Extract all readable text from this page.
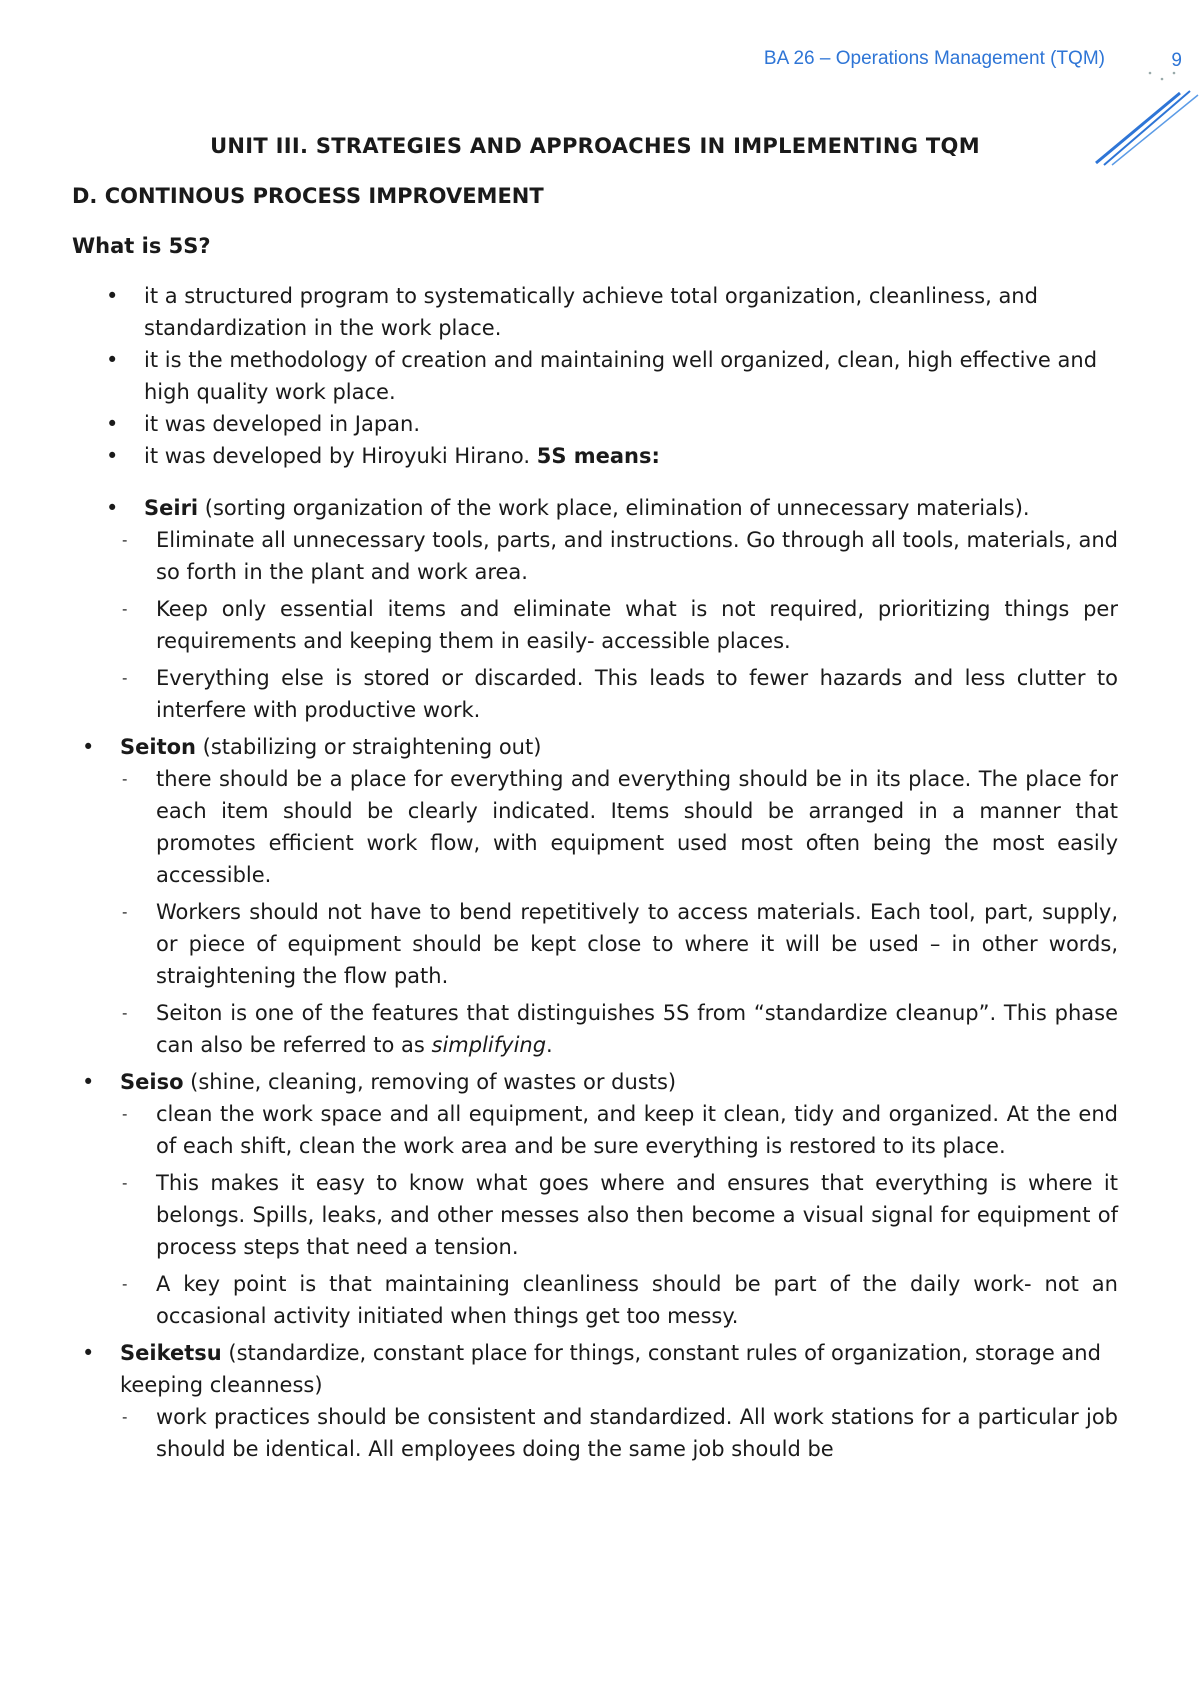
BA 26 – Operations Management (TQM)	9
UNIT III. STRATEGIES AND APPROACHES IN IMPLEMENTING TQM
D. CONTINOUS PROCESS IMPROVEMENT
What is 5S?
• it a structured program to systematically achieve total organization, cleanliness, and standardization in the work place.
• it is the methodology of creation and maintaining well organized, clean, high effective and high quality work place.
• it was developed in Japan.
• it was developed by Hiroyuki Hirano. 5S means:
• Seiri (sorting organization of the work place, elimination of unnecessary materials).
- Eliminate all unnecessary tools, parts, and instructions. Go through all tools, materials, and so forth in the plant and work area.
- Keep only essential items and eliminate what is not required, prioritizing things per requirements and keeping them in easily- accessible places.
- Everything else is stored or discarded. This leads to fewer hazards and less clutter to interfere with productive work.
• Seiton (stabilizing or straightening out)
- there should be a place for everything and everything should be in its place. The place for each item should be clearly indicated. Items should be arranged in a manner that promotes efficient work flow, with equipment used most often being the most easily accessible.
- Workers should not have to bend repetitively to access materials. Each tool, part, supply, or piece of equipment should be kept close to where it will be used – in other words, straightening the flow path.
- Seiton is one of the features that distinguishes 5S from “standardize cleanup”. This phase can also be referred to as simplifying.
• Seiso (shine, cleaning, removing of wastes or dusts)
- clean the work space and all equipment, and keep it clean, tidy and organized. At the end of each shift, clean the work area and be sure everything is restored to its place.
- This makes it easy to know what goes where and ensures that everything is where it belongs. Spills, leaks, and other messes also then become a visual signal for equipment of process steps that need a tension.
- A key point is that maintaining cleanliness should be part of the daily work- not an occasional activity initiated when things get too messy.
• Seiketsu (standardize, constant place for things, constant rules of organization, storage and keeping cleanness)
- work practices should be consistent and standardized. All work stations for a particular job should be identical. All employees doing the same job should be
